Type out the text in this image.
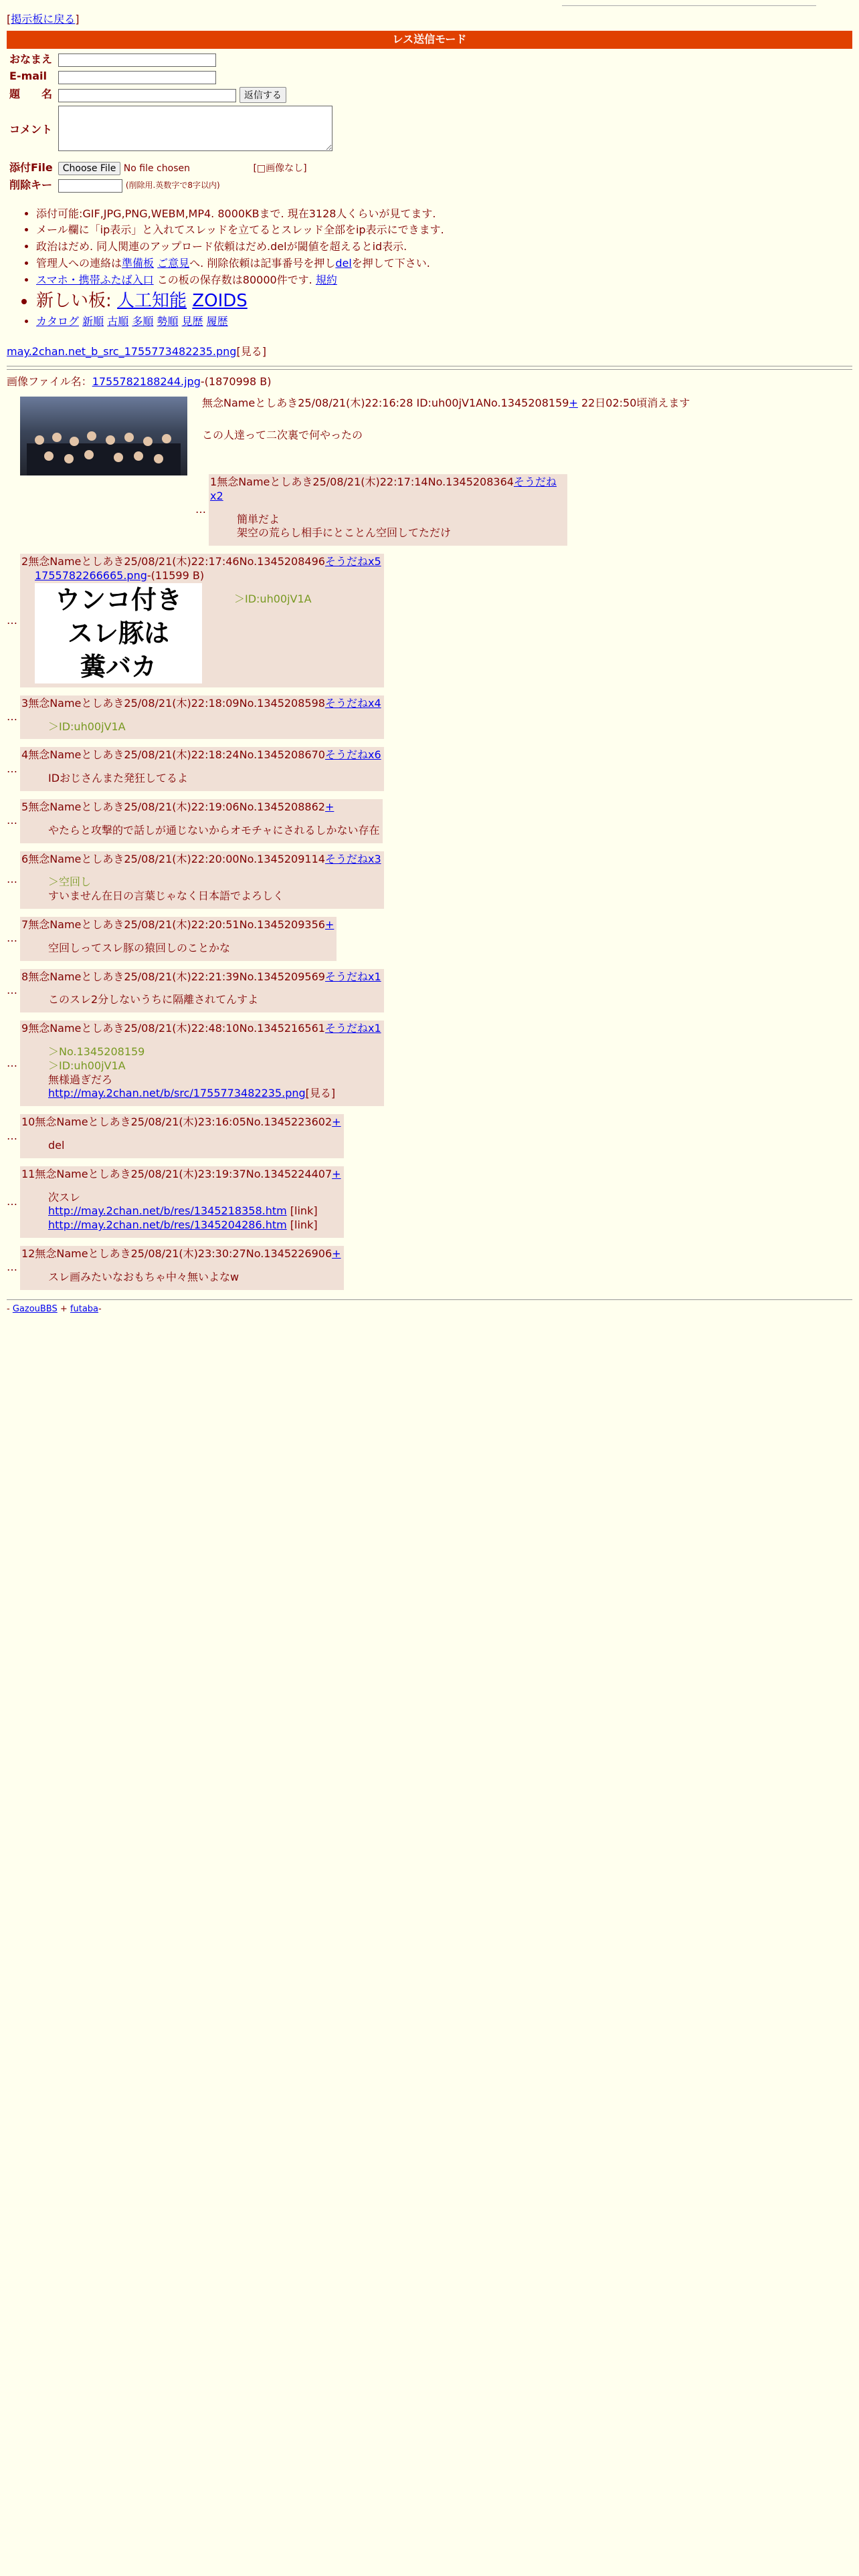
[掲示板に戻る]
レス送信モード
おなまえ	
E-mail	
題　　名	返信する
コメント	
添付File	Choose File No file chosen [□画像なし]
削除キー	(削除用.英数字で8字以内)
• 添付可能:GIF,JPG,PNG,WEBM,MP4. 8000KBまで. 現在3128人くらいが見てます.
• メール欄に「ip表示」と入れてスレッドを立てるとスレッド全部をip表示にできます.
• 政治はだめ. 同人関連のアップロード依頼はだめ.delが閾値を超えるとid表示.
• 管理人への連絡は準備板 ご意見へ. 削除依頼は記事番号を押しdelを押して下さい.
• スマホ・携帯ふたば入口 この板の保存数は80000件です. 規約
• 新しい板: 人工知能 ZOIDS
• カタログ 新順 古順 多順 勢順 見歴 履歴
may.2chan.net_b_src_1755773482235.png[見る]
画像ファイル名：1755782188244.jpg-(1870998 B)
無念Nameとしあき25/08/21(木)22:16:28 ID:uh00jV1ANo.1345208159+ 22日02:50頃消えます
この人達って二次裏で何やったの
…
1無念Nameとしあき25/08/21(木)22:17:14No.1345208364そうだねx2
簡単だよ
架空の荒らし相手にとことん空回してただけ
…
2無念Nameとしあき25/08/21(木)22:17:46No.1345208496そうだねx5
1755782266665.png-(11599 B)
ウンコ付き
スレ豚は
糞バカ
＞ID:uh00jV1A
…
3無念Nameとしあき25/08/21(木)22:18:09No.1345208598そうだねx4
＞ID:uh00jV1A
…
4無念Nameとしあき25/08/21(木)22:18:24No.1345208670そうだねx6
IDおじさんまた発狂してるよ
…
5無念Nameとしあき25/08/21(木)22:19:06No.1345208862+
やたらと攻撃的で話しが通じないからオモチャにされるしかない存在
…
6無念Nameとしあき25/08/21(木)22:20:00No.1345209114そうだねx3
＞空回し
すいません在日の言葉じゃなく日本語でよろしく
…
7無念Nameとしあき25/08/21(木)22:20:51No.1345209356+
空回しってスレ豚の猿回しのことかな
…
8無念Nameとしあき25/08/21(木)22:21:39No.1345209569そうだねx1
このスレ2分しないうちに隔離されてんすよ
…
9無念Nameとしあき25/08/21(木)22:48:10No.1345216561そうだねx1
＞No.1345208159
＞ID:uh00jV1A
無様過ぎだろ
http://may.2chan.net/b/src/1755773482235.png[見る]
…
10無念Nameとしあき25/08/21(木)23:16:05No.1345223602+
del
…
11無念Nameとしあき25/08/21(木)23:19:37No.1345224407+
次スレ
http://may.2chan.net/b/res/1345218358.htm [link]
http://may.2chan.net/b/res/1345204286.htm [link]
…
12無念Nameとしあき25/08/21(木)23:30:27No.1345226906+
スレ画みたいなおもちゃ中々無いよなw
- GazouBBS + futaba-
